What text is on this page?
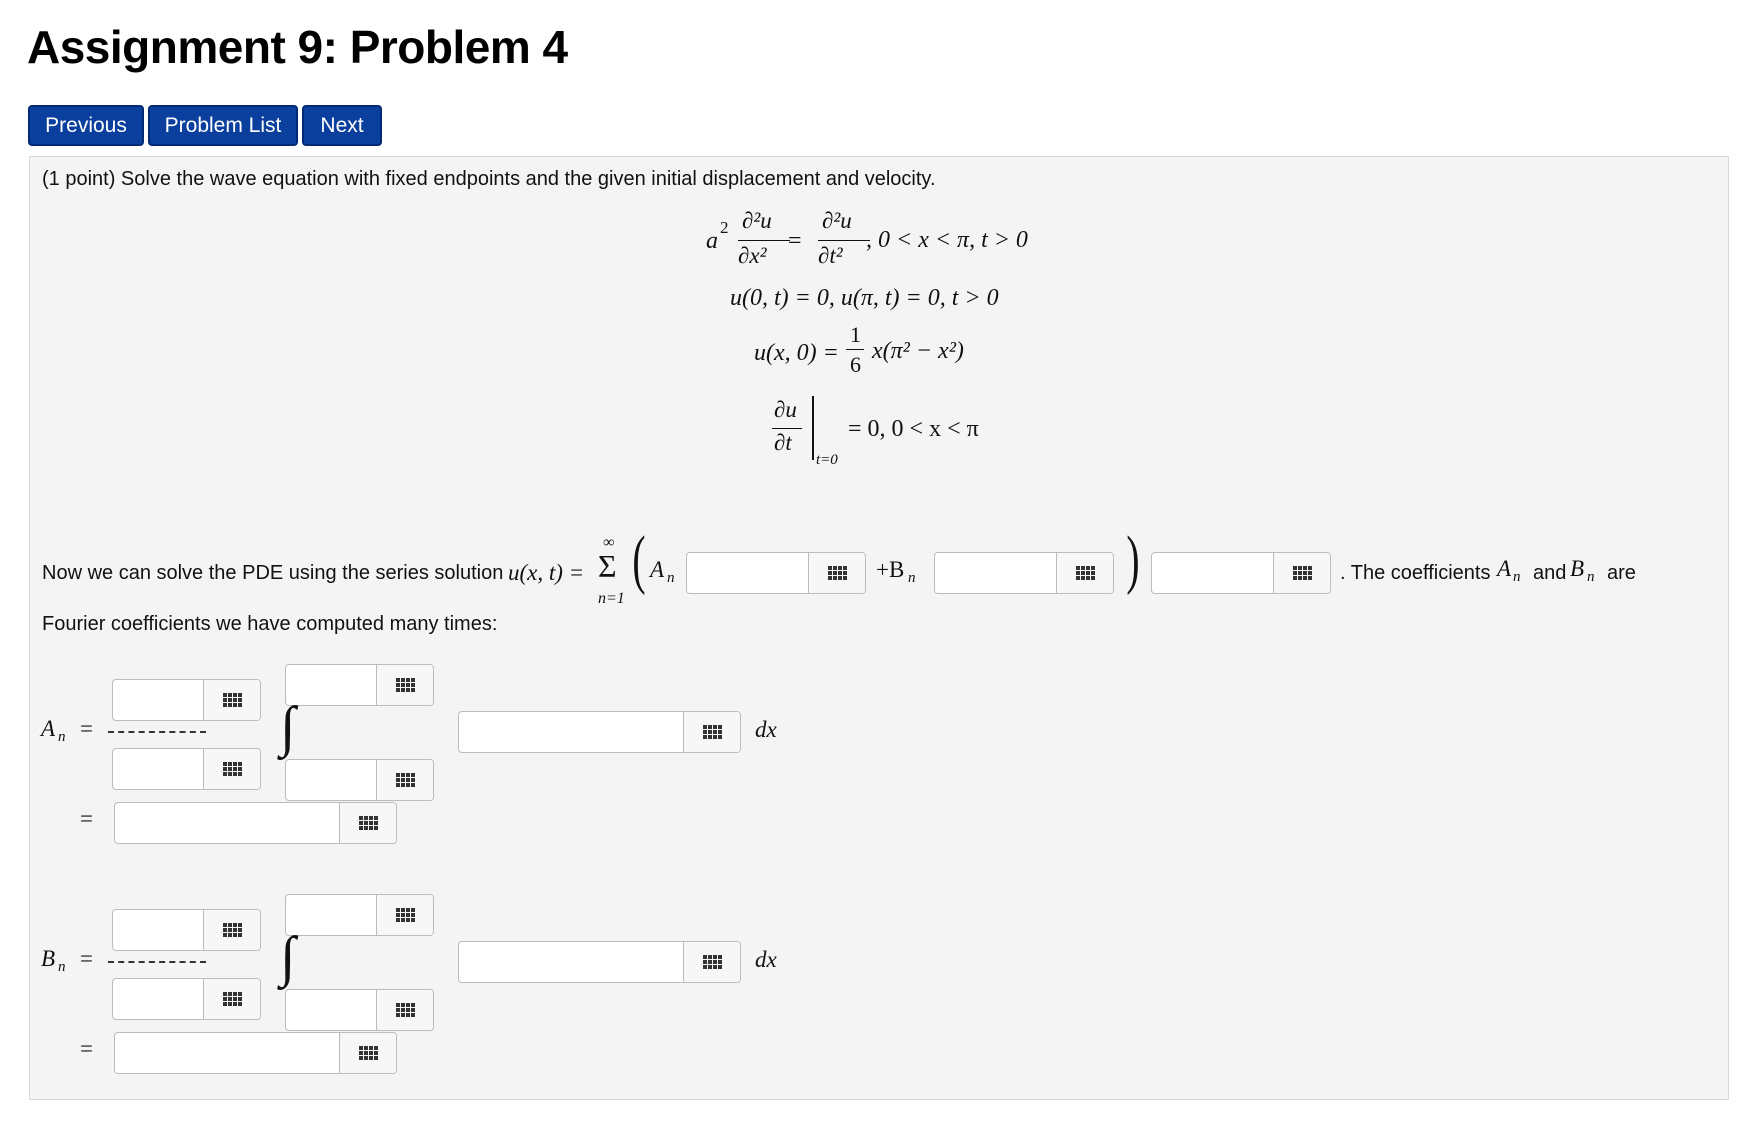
Assignment 9: Problem 4
Previous	Problem List	Next
(1 point) Solve the wave equation with fixed endpoints and the given initial displacement and velocity.
a
2 ∂²u
∂x²
=
∂²u
∂t²
, 0 < x < π, t > 0
u(0, t) = 0, u(π, t) = 0, t > 0
u(x, 0) =
1
6
x(π² − x²)
∂u
∂t
t=0
= 0, 0 < x < π
Now we can solve the PDE using the series solution u(x, t) =
∞
Σ
n=1
( A n	+B n	)	. The coefficients A n and B n are
Fourier coefficients we have computed many times:
A n =	∫	dx
=
B n =	∫	dx
=
